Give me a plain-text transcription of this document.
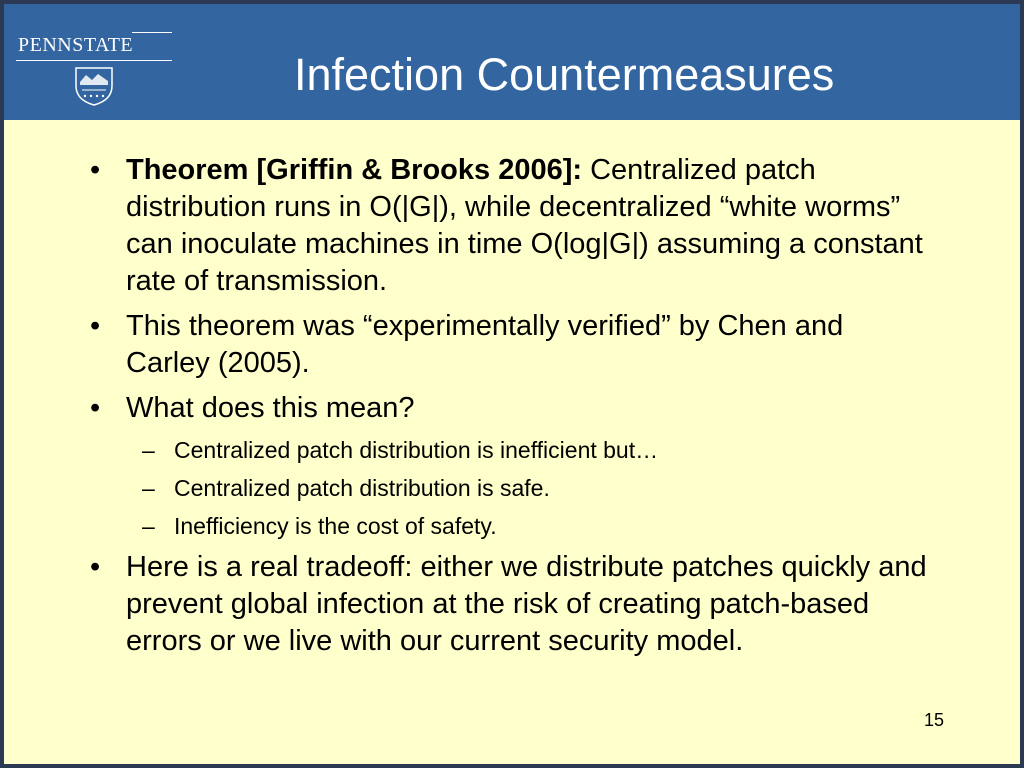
PENNSTATE
Infection Countermeasures
• Theorem [Griffin & Brooks 2006]: Centralized patch distribution runs in O(|G|), while decentralized “white worms” can inoculate machines in time O(log|G|) assuming a constant rate of transmission.
• This theorem was “experimentally verified” by Chen and Carley (2005).
• What does this mean?
– Centralized patch distribution is inefficient but…
– Centralized patch distribution is safe.
– Inefficiency is the cost of safety.
• Here is a real tradeoff: either we distribute patches quickly and prevent global infection at the risk of creating patch-based errors or we live with our current security model.
15
